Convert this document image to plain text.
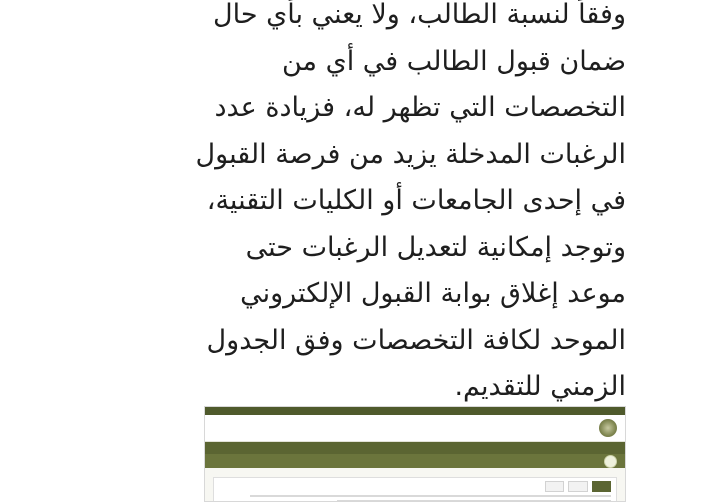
وفقاً لنسبة الطالب، ولا يعني بأي حال
ضمان قبول الطالب في أي من
التخصصات التي تظهر له، فزيادة عدد
الرغبات المدخلة يزيد من فرصة القبول
في إحدى الجامعات أو الكليات التقنية،
وتوجد إمكانية لتعديل الرغبات حتى
موعد إغلاق بوابة القبول الإلكتروني
الموحد لكافة التخصصات وفق الجدول
الزمني للتقديم.
